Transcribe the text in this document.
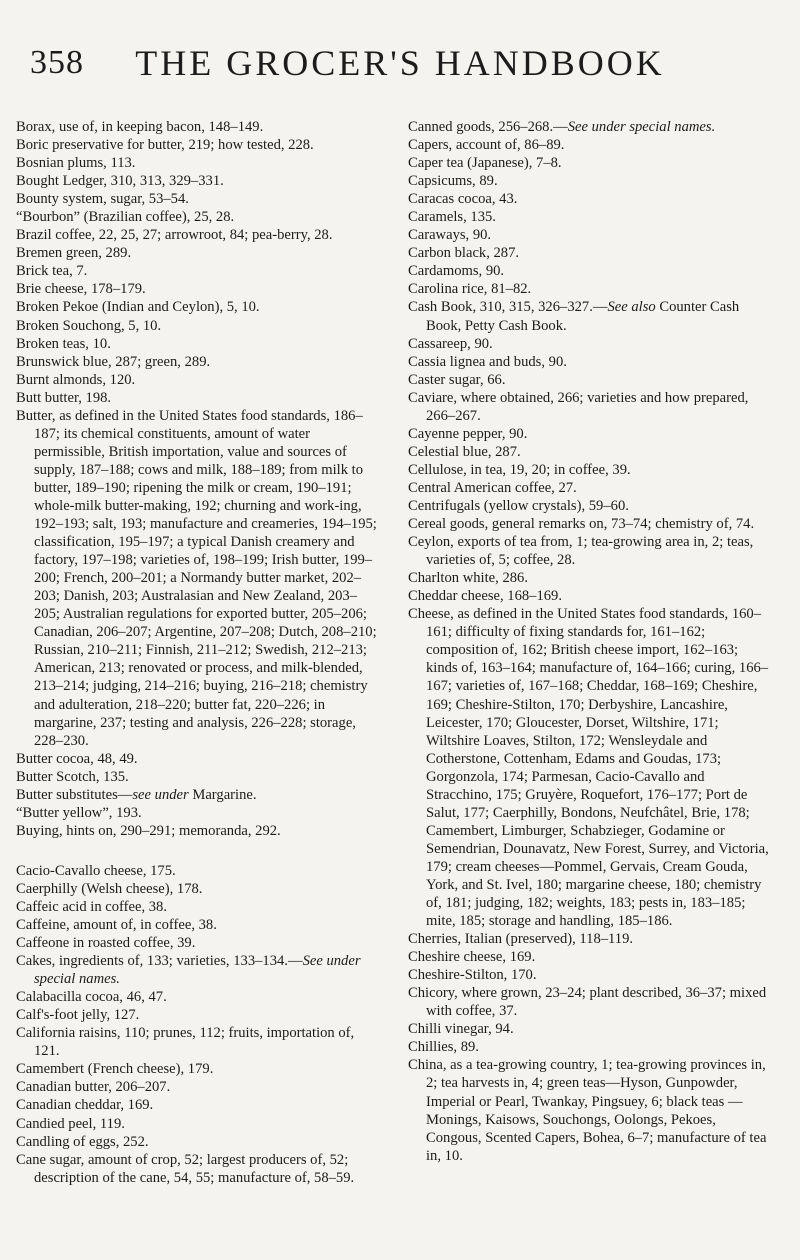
358	THE GROCER'S HANDBOOK

Borax, use of, in keeping bacon, 148–149.

Boric preservative for butter, 219; how tested, 228.

Bosnian plums, 113.

Bought Ledger, 310, 313, 329–331.

Bounty system, sugar, 53–54.

“Bourbon” (Brazilian coffee), 25, 28.

Brazil coffee, 22, 25, 27; arrowroot, 84; pea-berry, 28.

Bremen green, 289.

Brick tea, 7.

Brie cheese, 178–179.

Broken Pekoe (Indian and Ceylon), 5, 10.

Broken Souchong, 5, 10.

Broken teas, 10.

Brunswick blue, 287; green, 289.

Burnt almonds, 120.

Butt butter, 198.

Butter, as defined in the United States food standards, 186–187; its chemical constituents, amount of water permissible, British importation, value and sources of supply, 187–188; cows and milk, 188–189; from milk to butter, 189–190; ripening the milk or cream, 190–191; whole-milk butter-making, 192; churning and work-ing, 192–193; salt, 193; manufacture and creameries, 194–195; classification, 195–197; a typical Danish creamery and factory, 197–198; varieties of, 198–199; Irish butter, 199–200; French, 200–201; a Normandy butter market, 202–203; Danish, 203; Australasian and New Zealand, 203–205; Australian regulations for exported butter, 205–206; Canadian, 206–207; Argentine, 207–208; Dutch, 208–210; Russian, 210–211; Finnish, 211–212; Swedish, 212–213; American, 213; renovated or process, and milk-blended, 213–214; judging, 214–216; buying, 216–218; chemistry and adulteration, 218–220; butter fat, 220–226; in margarine, 237; testing and analysis, 226–228; storage, 228–230.

Butter cocoa, 48, 49.

Butter Scotch, 135.

Butter substitutes—see under Margarine.

“Butter yellow”, 193.

Buying, hints on, 290–291; memoranda, 292.

Cacio-Cavallo cheese, 175.

Caerphilly (Welsh cheese), 178.

Caffeic acid in coffee, 38.

Caffeine, amount of, in coffee, 38.

Caffeone in roasted coffee, 39.

Cakes, ingredients of, 133; varieties, 133–134.—See under special names.

Calabacilla cocoa, 46, 47.

Calf's-foot jelly, 127.

California raisins, 110; prunes, 112; fruits, importation of, 121.

Camembert (French cheese), 179.

Canadian butter, 206–207.

Canadian cheddar, 169.

Candied peel, 119.

Candling of eggs, 252.

Cane sugar, amount of crop, 52; largest producers of, 52; description of the cane, 54, 55; manufacture of, 58–59.

Canned goods, 256–268.—See under special names.

Capers, account of, 86–89.

Caper tea (Japanese), 7–8.

Capsicums, 89.

Caracas cocoa, 43.

Caramels, 135.

Caraways, 90.

Carbon black, 287.

Cardamoms, 90.

Carolina rice, 81–82.

Cash Book, 310, 315, 326–327.—See also Counter Cash Book, Petty Cash Book.

Cassareep, 90.

Cassia lignea and buds, 90.

Caster sugar, 66.

Caviare, where obtained, 266; varieties and how prepared, 266–267.

Cayenne pepper, 90.

Celestial blue, 287.

Cellulose, in tea, 19, 20; in coffee, 39.

Central American coffee, 27.

Centrifugals (yellow crystals), 59–60.

Cereal goods, general remarks on, 73–74; chemistry of, 74.

Ceylon, exports of tea from, 1; tea-growing area in, 2; teas, varieties of, 5; coffee, 28.

Charlton white, 286.

Cheddar cheese, 168–169.

Cheese, as defined in the United States food standards, 160–161; difficulty of fixing standards for, 161–162; composition of, 162; British cheese import, 162–163; kinds of, 163–164; manufacture of, 164–166; curing, 166–167; varieties of, 167–168; Cheddar, 168–169; Cheshire, 169; Cheshire-Stilton, 170; Derbyshire, Lancashire, Leicester, 170; Gloucester, Dorset, Wiltshire, 171; Wiltshire Loaves, Stilton, 172; Wensleydale and Cotherstone, Cottenham, Edams and Goudas, 173; Gorgonzola, 174; Parmesan, Cacio-Cavallo and Stracchino, 175; Gruyère, Roquefort, 176–177; Port de Salut, 177; Caerphilly, Bondons, Neufchâtel, Brie, 178; Camembert, Limburger, Schabzieger, Godamine or Semendrian, Dounavatz, New Forest, Surrey, and Victoria, 179; cream cheeses—Pommel, Gervais, Cream Gouda, York, and St. Ivel, 180; margarine cheese, 180; chemistry of, 181; judging, 182; weights, 183; pests in, 183–185; mite, 185; storage and handling, 185–186.

Cherries, Italian (preserved), 118–119.

Cheshire cheese, 169.

Cheshire-Stilton, 170.

Chicory, where grown, 23–24; plant described, 36–37; mixed with coffee, 37.

Chilli vinegar, 94.

Chillies, 89.

China, as a tea-growing country, 1; tea-growing provinces in, 2; tea harvests in, 4; green teas—Hyson, Gunpowder, Imperial or Pearl, Twankay, Pingsuey, 6; black teas — Monings, Kaisows, Souchongs, Oolongs, Pekoes, Congous, Scented Capers, Bohea, 6–7; manufacture of tea in, 10.
